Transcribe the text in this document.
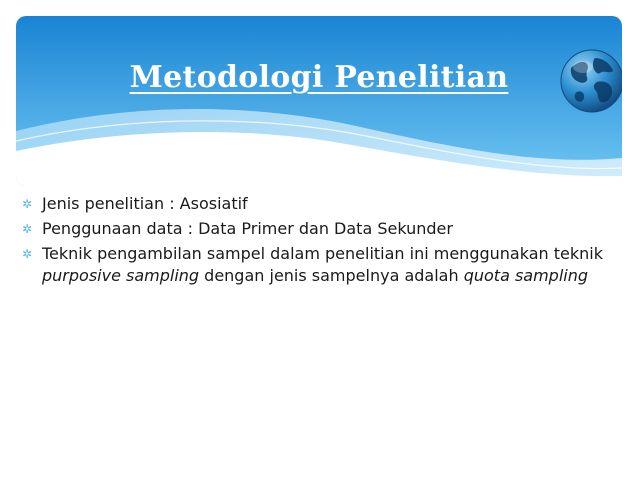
Metodologi Penelitian
✲ Jenis penelitian : Asosiatif
✲ Penggunaan data : Data Primer dan Data Sekunder
✲ Teknik pengambilan sampel dalam penelitian ini menggunakan teknik purposive sampling dengan jenis sampelnya adalah quota sampling
